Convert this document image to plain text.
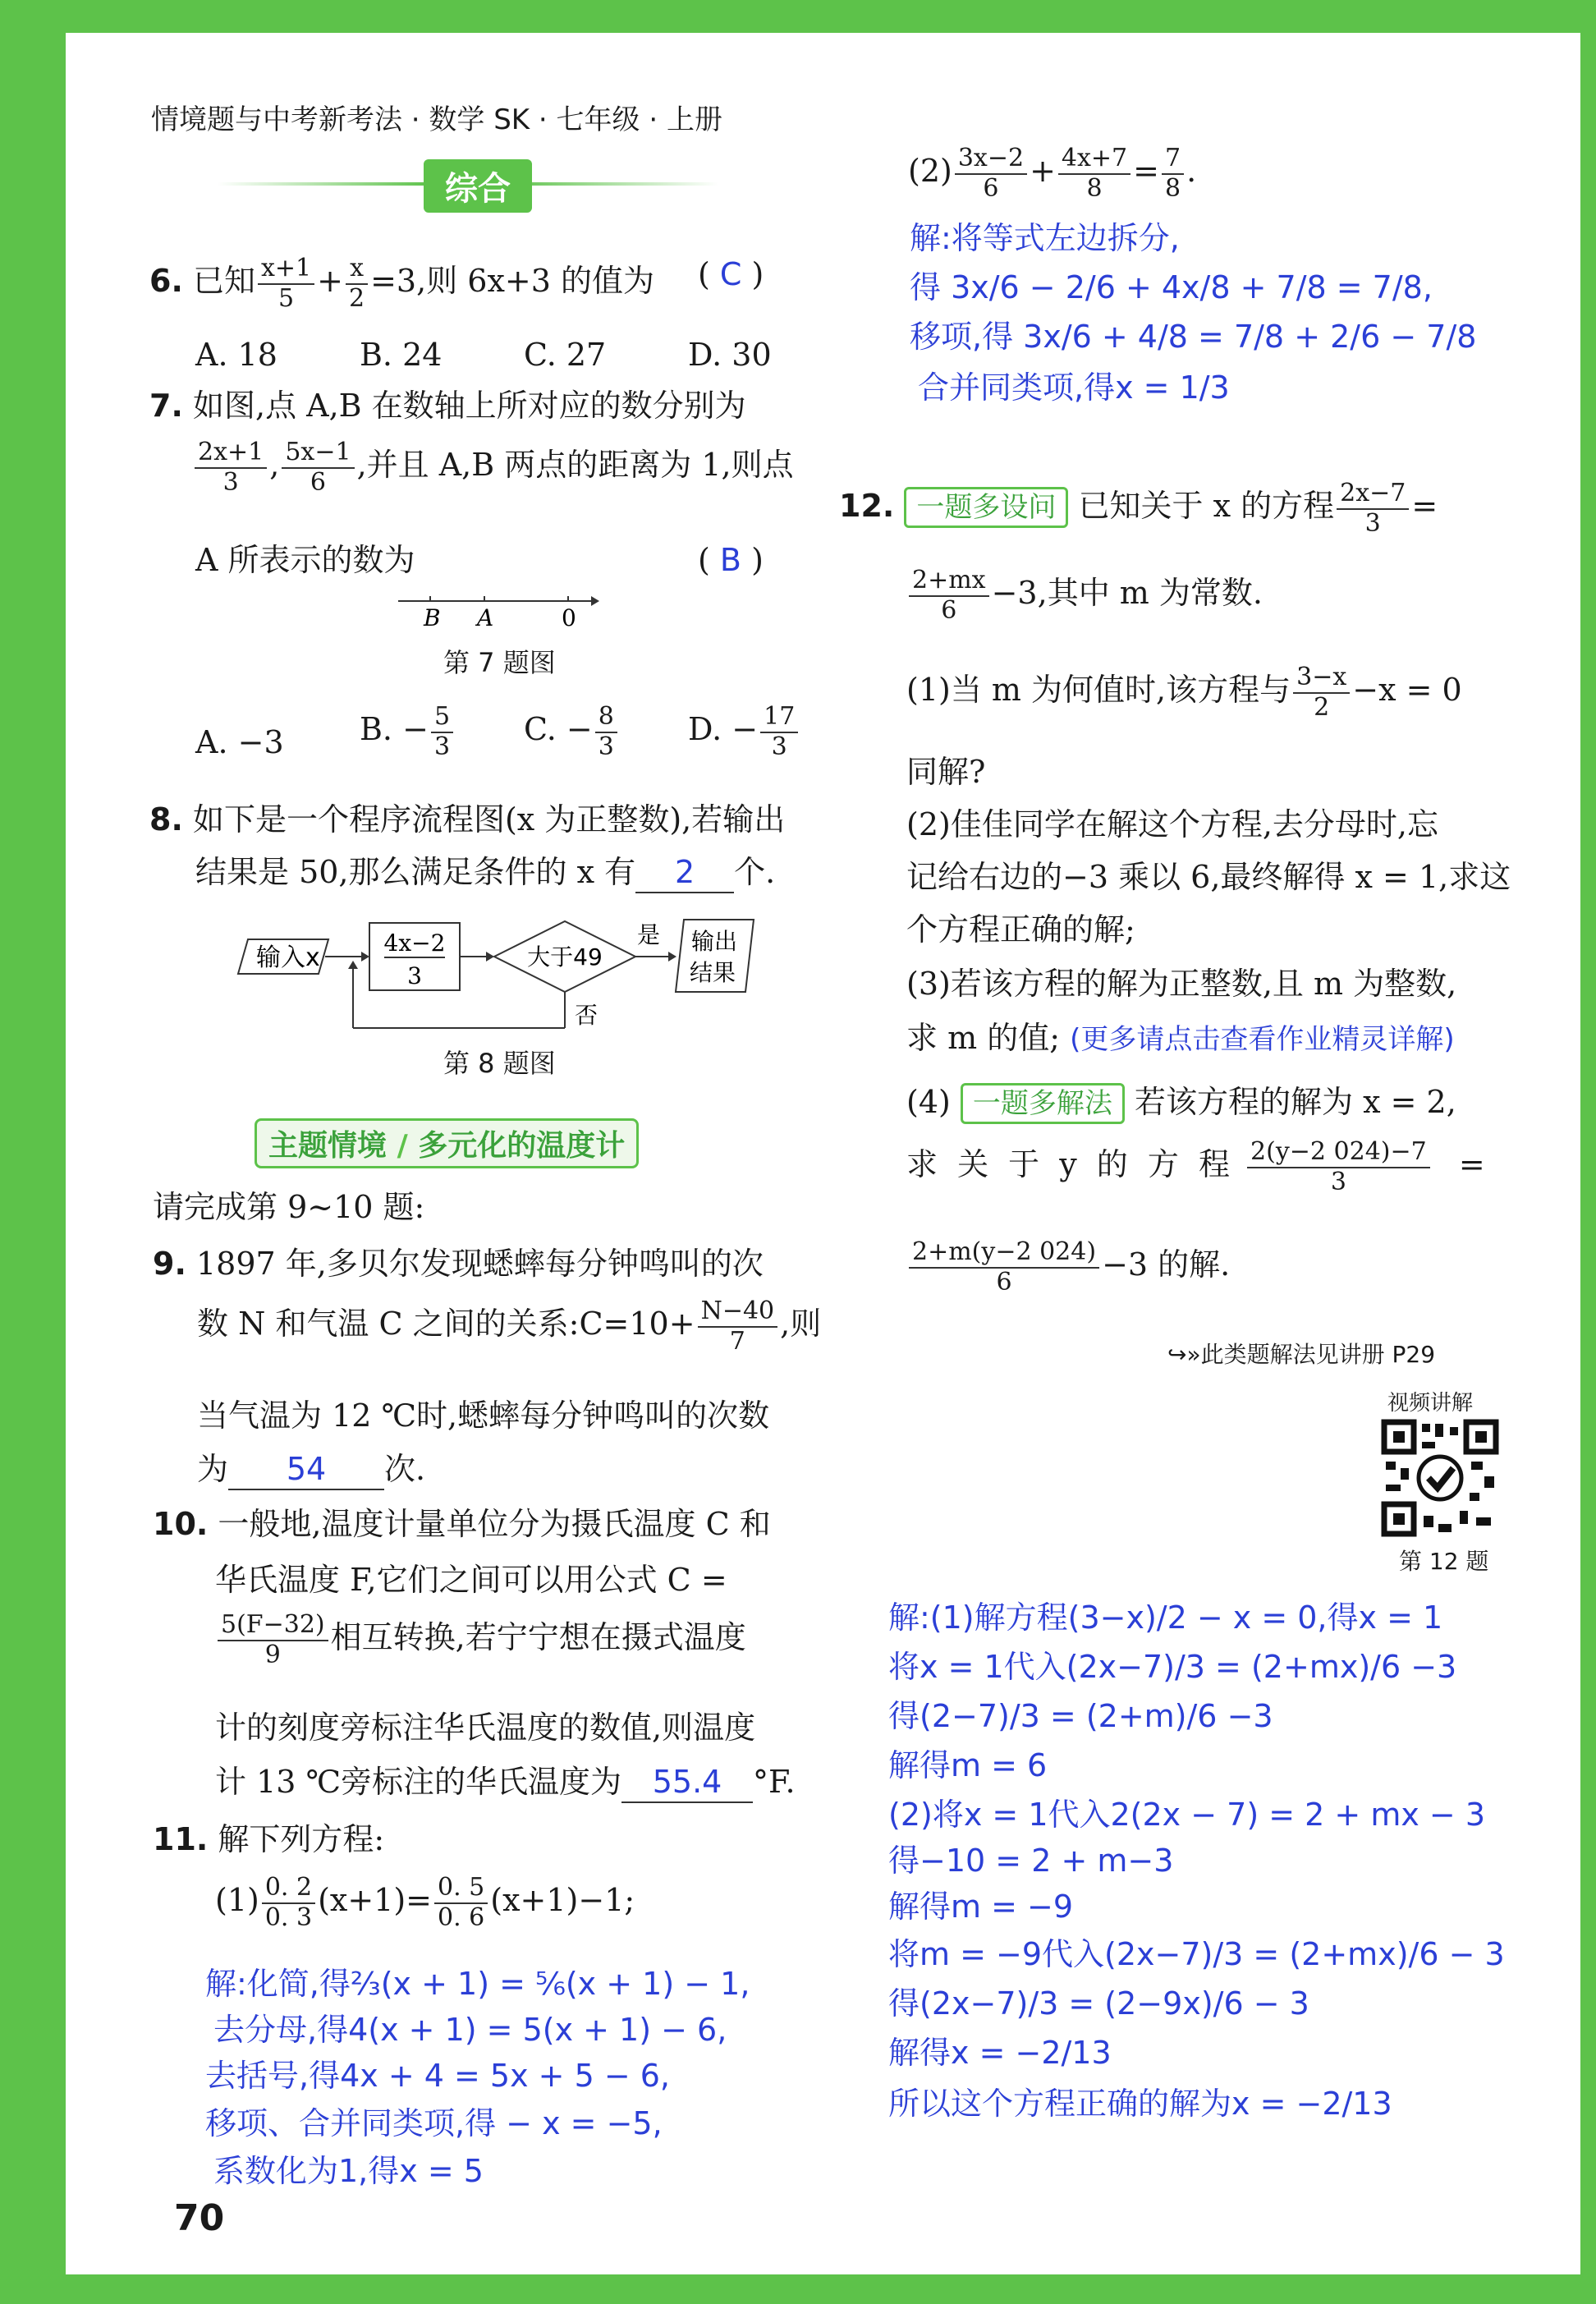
情境题与中考新考法 · 数学 SK · 七年级 · 上册
综合
6. 已知 $\frac{x+1}{5} + \frac{x}{2} =3$,则 6x+3 的值为 ( C )
A. 18	B. 24	C. 27	D. 30
7. 如图,点 A,B 在数轴上所对应的数分别为
$\frac{2x+1}{3}$ , $\frac{5x-1}{6}$ ,并且 A,B 两点的距离为 1,则点
A 所表示的数为	( B )
B A	0
第 7 题图
A. −3 B. − $\frac{5}{3} C$. − $\frac{8}{3} D$. − $\frac{17}{3}$
8. 如下是一个程序流程图(x 为正整数),若输出
结果是 50,那么满足条件的 x 有 2 个.
输入x
4x−2
3
大于49
是 输出
结果
否
第 8 题图
主题情境 / 多元化的温度计
请完成第 9~10 题:
9. 1897 年,多贝尔发现蟋蟀每分钟鸣叫的次
数 N 和气温 C 之间的关系:C=10+ $\frac{N-40}{7}$ ,则
当气温为 12 ℃时,蟋蟀每分钟鸣叫的次数
为 54 次.
10. 一般地,温度计量单位分为摄氏温度 C 和
华氏温度 F,它们之间可以用公式 C =
$\frac{5(F-32)}{9}$ 相互转换,若宁宁想在摄式温度
计的刻度旁标注华氏温度的数值,则温度
计 13 ℃旁标注的华氏温度为 55.4 °F.
11. 解下列方程:
$(1) \frac{0. 2}{0. 3} (x+1)= \frac{0. 5}{0. 6} (x+1)-1$;
解:化简,得⅔(x + 1) = ⅚(x + 1) − 1,
去分母,得4(x + 1) = 5(x + 1) − 6,
去括号,得4x + 4 = 5x + 5 − 6,
移项、合并同类项,得 − x = −5,
系数化为1,得x = 5
70
$(2) \frac{3x-2}{6} + \frac{4x+7}{8} = \frac{7}{8}$ .
解:将等式左边拆分,
得 3x/6 − 2/6 + 4x/8 + 7/8 = 7/8,
移项,得 3x/6 + 4/8 = 7/8 + 2/6 − 7/8
合并同类项,得x = 1/3
12. 一题多设问 已知关于 x 的方程 $\frac{2x-7}{3}$ =
$\frac{2+mx}{6} -3$,其中 m 为常数.
(1)当 m 为何值时,该方程与 $\frac{3-x}{2} -x = 0$
同解?
(2)佳佳同学在解这个方程,去分母时,忘
记给右边的−3 乘以 6,最终解得 x = 1,求这
个方程正确的解;
(3)若该方程的解为正整数,且 m 为整数,
求 m 的值; (更多请点击查看作业精灵详解)
(4) 一题多解法 若该方程的解为 x = 2,
求 关 于 y 的 方 程 $\frac{2(y-2 024)-7}{3}$ =
$\frac{2+m(y-2 024)}{6} -3$ 的解.
↪»此类题解法见讲册 P29
视频讲解
第 12 题
解:(1)解方程(3−x)/2 − x = 0,得x = 1
将x = 1代入(2x−7)/3 = (2+mx)/6 −3
得(2−7)/3 = (2+m)/6 −3
解得m = 6
(2)将x = 1代入2(2x − 7) = 2 + mx − 3
得−10 = 2 + m−3
解得m = −9
将m = −9代入(2x−7)/3 = (2+mx)/6 − 3
得(2x−7)/3 = (2−9x)/6 − 3
解得x = −2/13
所以这个方程正确的解为x = −2/13
